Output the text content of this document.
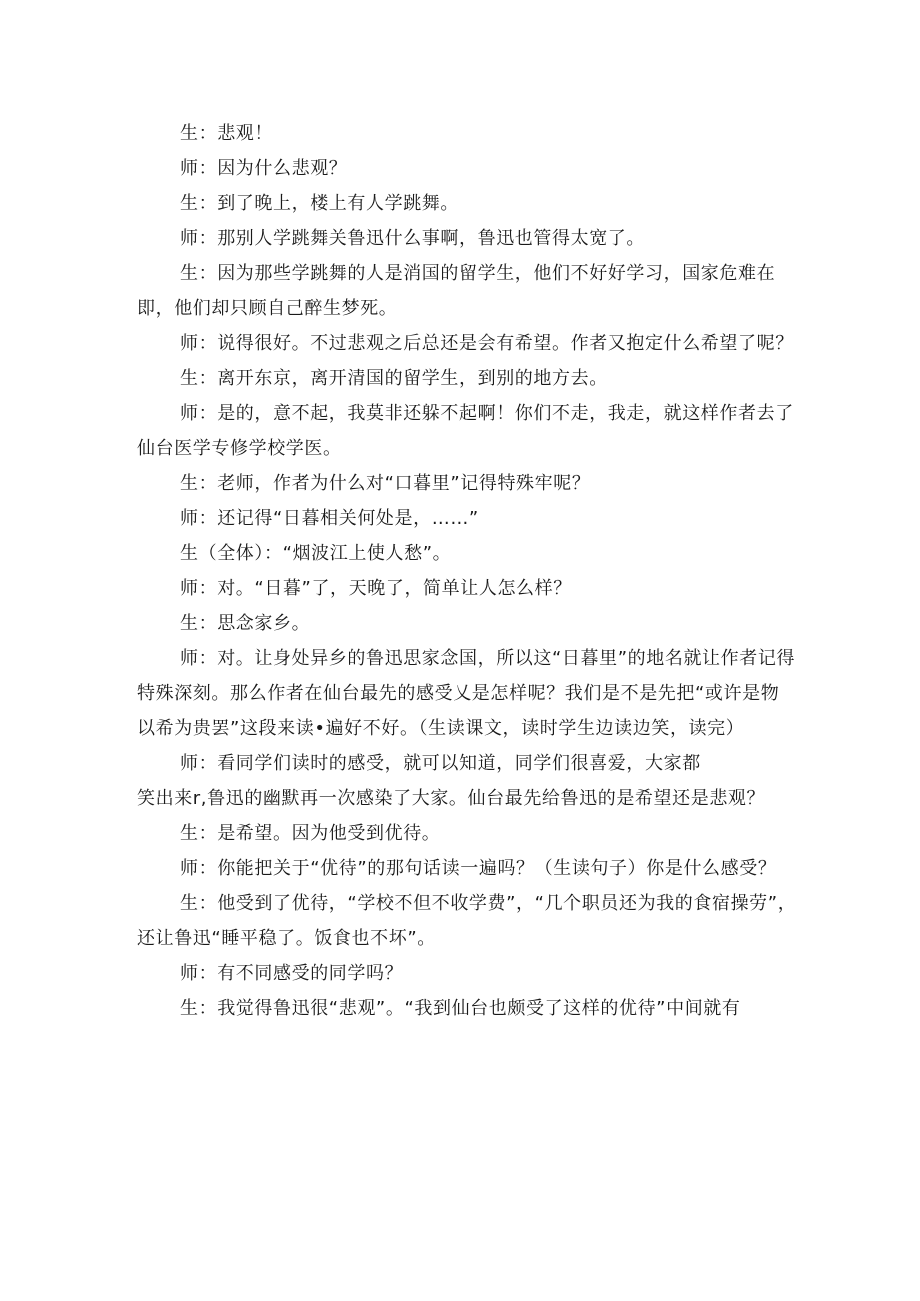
生：悲观！

师：因为什么悲观？

生：到了晚上，楼上有人学跳舞。

师：那别人学跳舞关鲁迅什么事啊，鲁迅也管得太宽了。

生：因为那些学跳舞的人是消国的留学生，他们不好好学习，国家危难在即，他们却只顾自己醉生梦死。

师：说得很好。不过悲观之后总还是会有希望。作者又抱定什么希望了呢？

生：离开东京，离开清国的留学生，到别的地方去。

师：是的，意不起，我莫非还躲不起啊！你们不走，我走，就这样作者去了仙台医学专修学校学医。

生：老师，作者为什么对“口暮里”记得特殊牢呢？

师：还记得“日暮相关何处是，……”

生（全体）：“烟波江上使人愁”。

师：对。“日暮”了，天晚了，简单让人怎么样？

生：思念家乡。

师：对。让身处异乡的鲁迅思家念国，所以这“日暮里”的地名就让作者记得特殊深刻。那么作者在仙台最先的感受乂是怎样呢？我们是不是先把“或许是物以希为贵罢”这段来读•遍好不好。（生读课文，读时学生边读边笑，读完）

师：看同学们读时的感受，就可以知道，同学们很喜爱，大家都

笑出来r,鲁迅的幽默再一次感染了大家。仙台最先给鲁迅的是希望还是悲观？

生：是希望。因为他受到优待。

师：你能把关于“优待”的那句话读一遍吗？（生读句子）你是什么感受？

生：他受到了优待，“学校不但不收学费”，“几个职员还为我的食宿操劳”，还让鲁迅“睡平稳了。饭食也不坏”。

师：有不同感受的同学吗？

生：我觉得鲁迅很“悲观”。“我到仙台也颇受了这样的优待”中间就有
